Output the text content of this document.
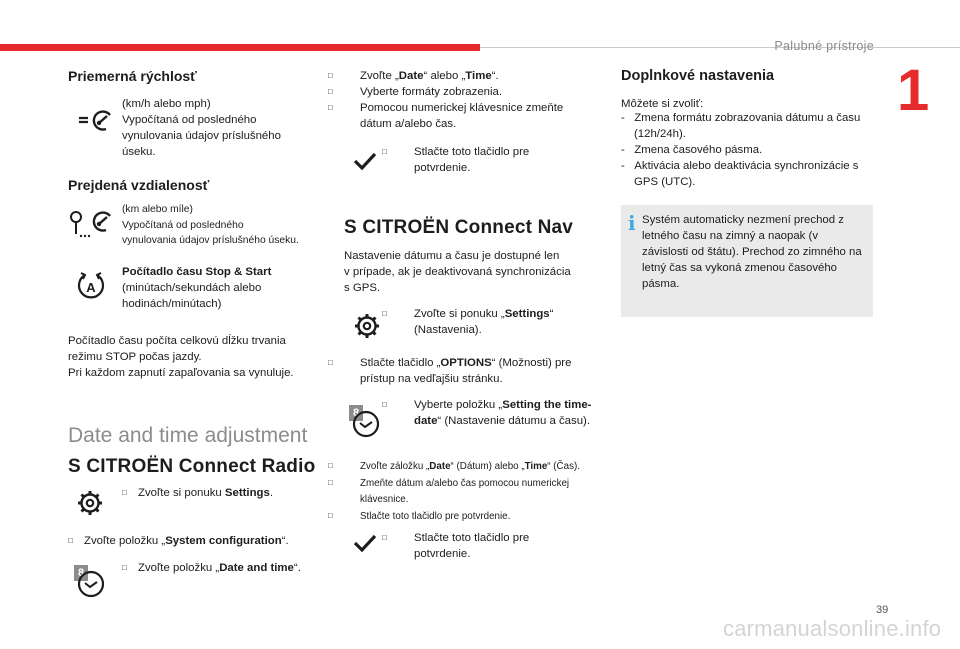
Palubné prístroje
1
Priemerná rýchlosť
(km/h alebo mph)
Vypočítaná od posledného
vynulovania údajov príslušného
úseku.
Prejdená vzdialenosť
(km alebo míle)
Vypočítaná od posledného
vynulovania údajov príslušného úseku.
A
Počítadlo času Stop & Start
(minútach/sekundách alebo
hodinách/minútach)
Počítadlo času počíta celkovú dĺžku trvania
režimu STOP počas jazdy.
Pri každom zapnutí zapaľovania sa vynuluje.
Date and time adjustment
S CITROËN Connect Radio
□ Zvoľte si ponuku Settings.
□ Zvoľte položku „System configuration“.
8	□ Zvoľte položku „Date and time“.
□ Zvoľte „Date“ alebo „Time“.
□ Vyberte formáty zobrazenia.
□ Pomocou numerickej klávesnice zmeňte dátum a/alebo čas.
□ Stlačte toto tlačidlo pre potvrdenie.
S CITROËN Connect Nav
Nastavenie dátumu a času je dostupné len
v prípade, ak je deaktivovaná synchronizácia
s GPS.
□ Zvoľte si ponuku „Settings“ (Nastavenia).
□ Stlačte tlačidlo „OPTIONS“ (Možnosti) pre prístup na vedľajšiu stránku.
8
□ Vyberte položku „Setting the time-date“ (Nastavenie dátumu a času).
□	Zvoľte záložku „Date“ (Dátum) alebo „Time“ (Čas).
□	Zmeňte dátum a/alebo čas pomocou numerickej klávesnice.
□	Stlačte toto tlačidlo pre potvrdenie.
□ Stlačte toto tlačidlo pre potvrdenie.
Doplnkové nastavenia
Môžete si zvoliť:
-   Zmena formátu zobrazovania dátumu a času (12h/24h).
-   Zmena časového pásma.
-   Aktivácia alebo deaktivácia synchronizácie s GPS (UTC).
i Systém automaticky nezmení prechod z letného času na zimný a naopak (v závislosti od štátu). Prechod zo zimného na letný čas sa vykoná zmenou časového pásma.
39
carmanualsonline.info
